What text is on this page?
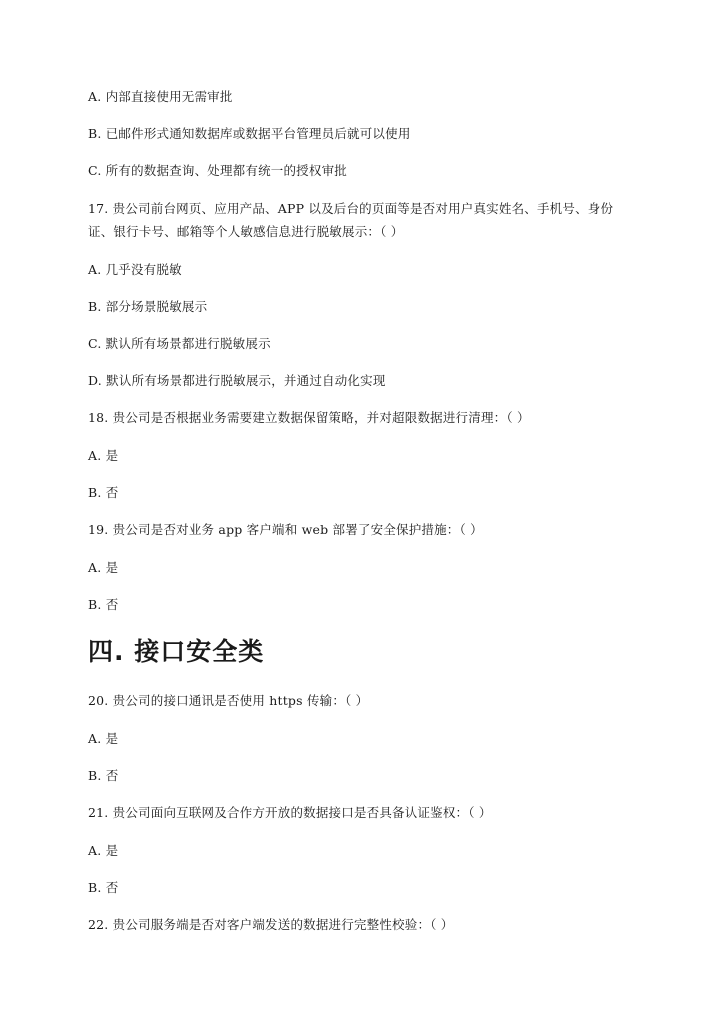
A. 内部直接使用无需审批
B. 已邮件形式通知数据库或数据平台管理员后就可以使用
C. 所有的数据查询、处理都有统一的授权审批
17. 贵公司前台网页、应用产品、APP 以及后台的页面等是否对用户真实姓名、手机号、身份
证、银行卡号、邮箱等个人敏感信息进行脱敏展示：（ ）
A. 几乎没有脱敏
B. 部分场景脱敏展示
C. 默认所有场景都进行脱敏展示
D. 默认所有场景都进行脱敏展示，并通过自动化实现
18. 贵公司是否根据业务需要建立数据保留策略，并对超限数据进行清理：（ ）
A. 是
B. 否
19. 贵公司是否对业务 app 客户端和 web 部署了安全保护措施：（ ）
A. 是
B. 否
四. 接口安全类
20. 贵公司的接口通讯是否使用 https 传输：（ ）
A. 是
B. 否
21. 贵公司面向互联网及合作方开放的数据接口是否具备认证鉴权：（ ）
A. 是
B. 否
22. 贵公司服务端是否对客户端发送的数据进行完整性校验：（ ）
